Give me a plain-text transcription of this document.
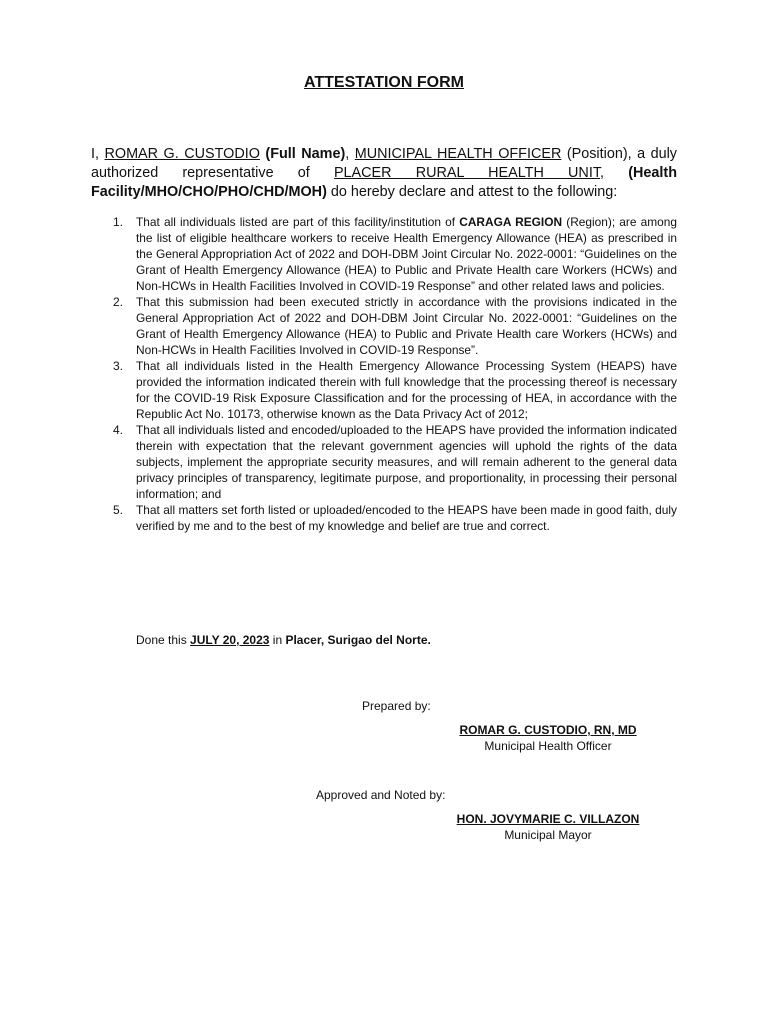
ATTESTATION FORM

I, ROMAR G. CUSTODIO (Full Name), MUNICIPAL HEALTH OFFICER (Position), a duly authorized representative of PLACER RURAL HEALTH UNIT, (Health Facility/MHO/CHO/PHO/CHD/MOH) do hereby declare and attest to the following:

1. That all individuals listed are part of this facility/institution of CARAGA REGION (Region); are among the list of eligible healthcare workers to receive Health Emergency Allowance (HEA) as prescribed in the General Appropriation Act of 2022 and DOH-DBM Joint Circular No. 2022-0001: “Guidelines on the Grant of Health Emergency Allowance (HEA) to Public and Private Health care Workers (HCWs) and Non-HCWs in Health Facilities Involved in COVID-19 Response” and other related laws and policies.
2. That this submission had been executed strictly in accordance with the provisions indicated in the General Appropriation Act of 2022 and DOH-DBM Joint Circular No. 2022-0001: “Guidelines on the Grant of Health Emergency Allowance (HEA) to Public and Private Health care Workers (HCWs) and Non-HCWs in Health Facilities Involved in COVID-19 Response”.
3. That all individuals listed in the Health Emergency Allowance Processing System (HEAPS) have provided the information indicated therein with full knowledge that the processing thereof is necessary for the COVID-19 Risk Exposure Classification and for the processing of HEA, in accordance with the Republic Act No. 10173, otherwise known as the Data Privacy Act of 2012;
4. That all individuals listed and encoded/uploaded to the HEAPS have provided the information indicated therein with expectation that the relevant government agencies will uphold the rights of the data subjects, implement the appropriate security measures, and will remain adherent to the general data privacy principles of transparency, legitimate purpose, and proportionality, in processing their personal information; and
5. That all matters set forth listed or uploaded/encoded to the HEAPS have been made in good faith, duly verified by me and to the best of my knowledge and belief are true and correct.
Done this JULY 20, 2023 in Placer, Surigao del Norte.
Prepared by:
ROMAR G. CUSTODIO, RN, MD
Municipal Health Officer
Approved and Noted by:
HON. JOVYMARIE C. VILLAZON
Municipal Mayor
